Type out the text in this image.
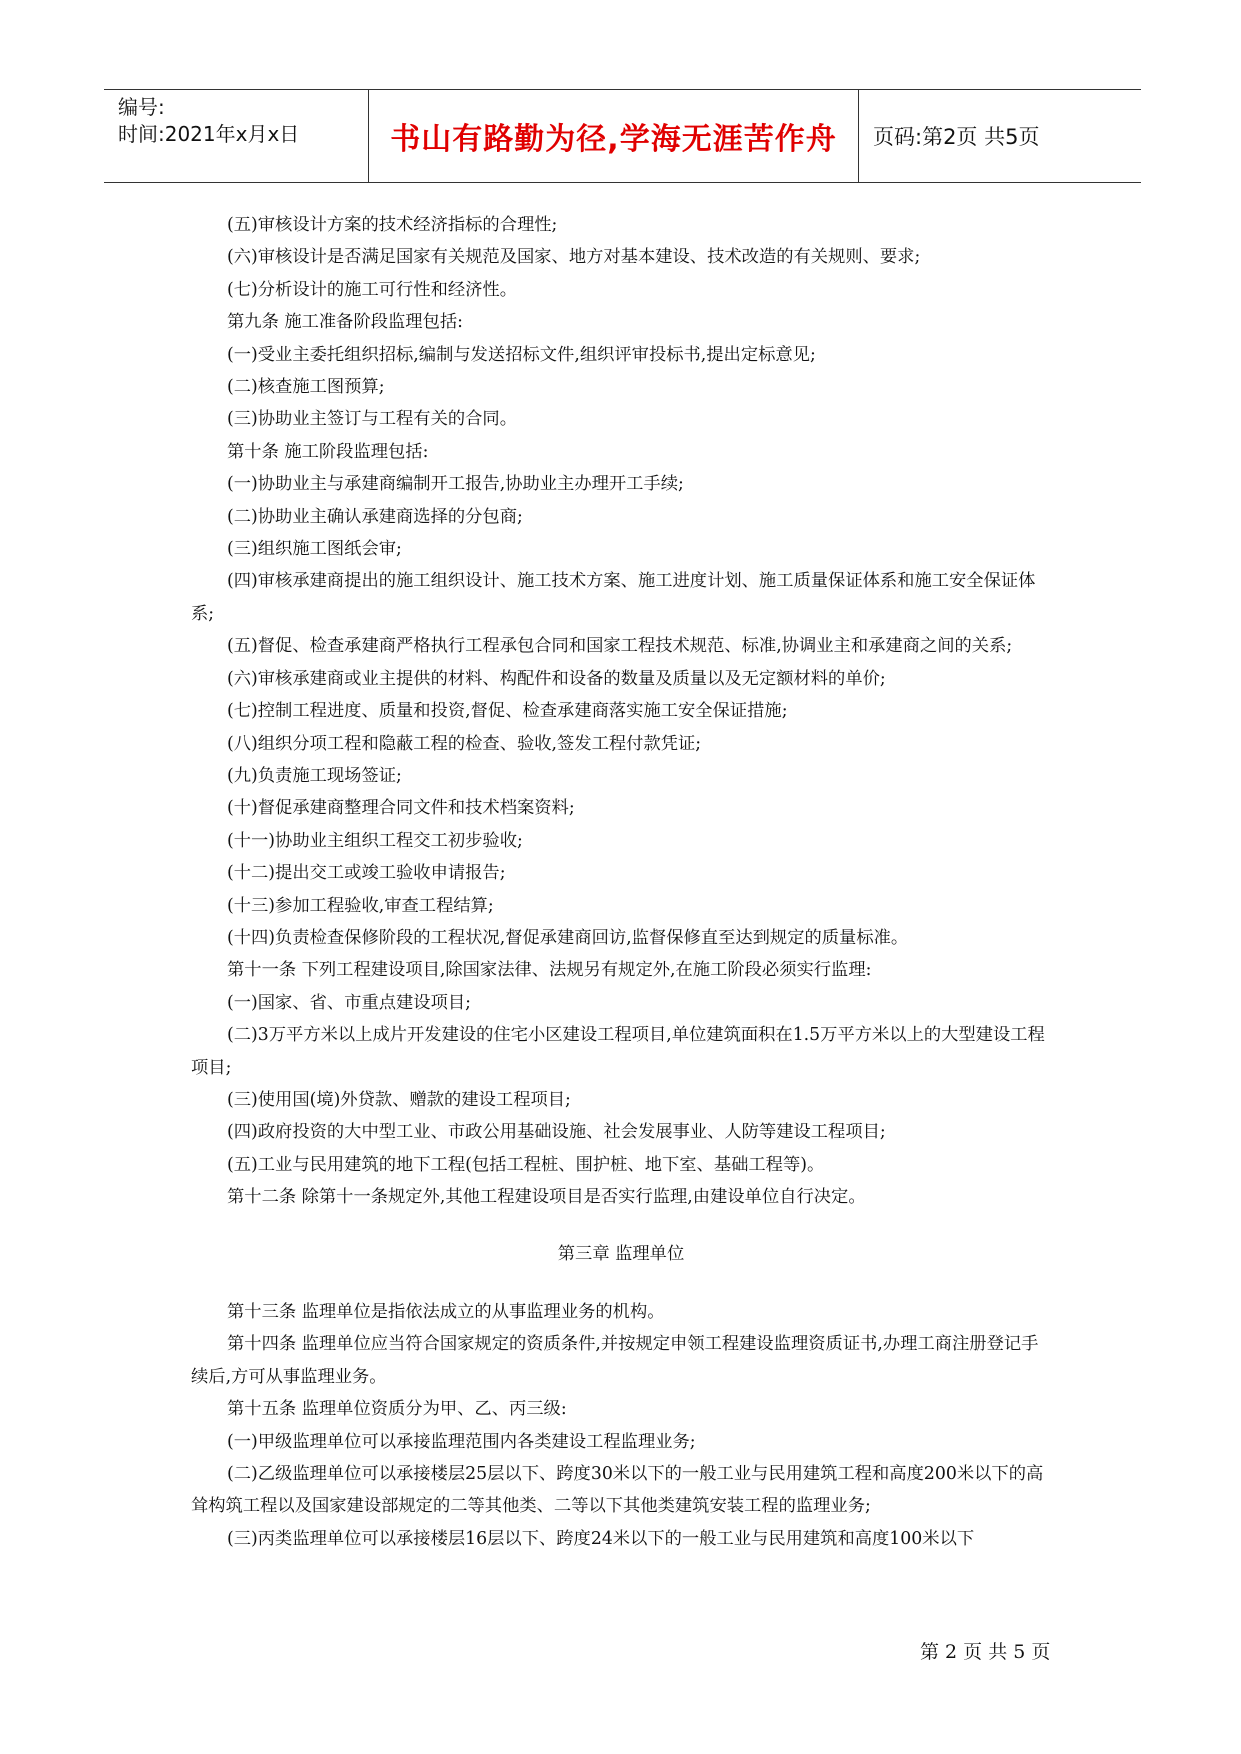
编号:
时间:2021年x月x日	书山有路勤为径,学海无涯苦作舟 页码:第2页 共5页

(五)审核设计方案的技术经济指标的合理性;

(六)审核设计是否满足国家有关规范及国家、地方对基本建设、技术改造的有关规则、要求;

(七)分析设计的施工可行性和经济性。

第九条 施工准备阶段监理包括:

(一)受业主委托组织招标,编制与发送招标文件,组织评审投标书,提出定标意见;

(二)核查施工图预算;

(三)协助业主签订与工程有关的合同。

第十条 施工阶段监理包括:

(一)协助业主与承建商编制开工报告,协助业主办理开工手续;

(二)协助业主确认承建商选择的分包商;

(三)组织施工图纸会审;

(四)审核承建商提出的施工组织设计、施工技术方案、施工进度计划、施工质量保证体系和施工安全保证体系;

(五)督促、检查承建商严格执行工程承包合同和国家工程技术规范、标准,协调业主和承建商之间的关系;

(六)审核承建商或业主提供的材料、构配件和设备的数量及质量以及无定额材料的单价;

(七)控制工程进度、质量和投资,督促、检查承建商落实施工安全保证措施;

(八)组织分项工程和隐蔽工程的检查、验收,签发工程付款凭证;

(九)负责施工现场签证;

(十)督促承建商整理合同文件和技术档案资料;

(十一)协助业主组织工程交工初步验收;

(十二)提出交工或竣工验收申请报告;

(十三)参加工程验收,审查工程结算;

(十四)负责检查保修阶段的工程状况,督促承建商回访,监督保修直至达到规定的质量标准。

第十一条 下列工程建设项目,除国家法律、法规另有规定外,在施工阶段必须实行监理:

(一)国家、省、市重点建设项目;

(二)3万平方米以上成片开发建设的住宅小区建设工程项目,单位建筑面积在1.5万平方米以上的大型建设工程项目;

(三)使用国(境)外贷款、赠款的建设工程项目;

(四)政府投资的大中型工业、市政公用基础设施、社会发展事业、人防等建设工程项目;

(五)工业与民用建筑的地下工程(包括工程桩、围护桩、地下室、基础工程等)。

第十二条 除第十一条规定外,其他工程建设项目是否实行监理,由建设单位自行决定。

第三章 监理单位

第十三条 监理单位是指依法成立的从事监理业务的机构。

第十四条 监理单位应当符合国家规定的资质条件,并按规定申领工程建设监理资质证书,办理工商注册登记手续后,方可从事监理业务。

第十五条 监理单位资质分为甲、乙、丙三级:

(一)甲级监理单位可以承接监理范围内各类建设工程监理业务;

(二)乙级监理单位可以承接楼层25层以下、跨度30米以下的一般工业与民用建筑工程和高度200米以下的高耸构筑工程以及国家建设部规定的二等其他类、二等以下其他类建筑安装工程的监理业务;

(三)丙类监理单位可以承接楼层16层以下、跨度24米以下的一般工业与民用建筑和高度100米以下

第 2 页 共 5 页
